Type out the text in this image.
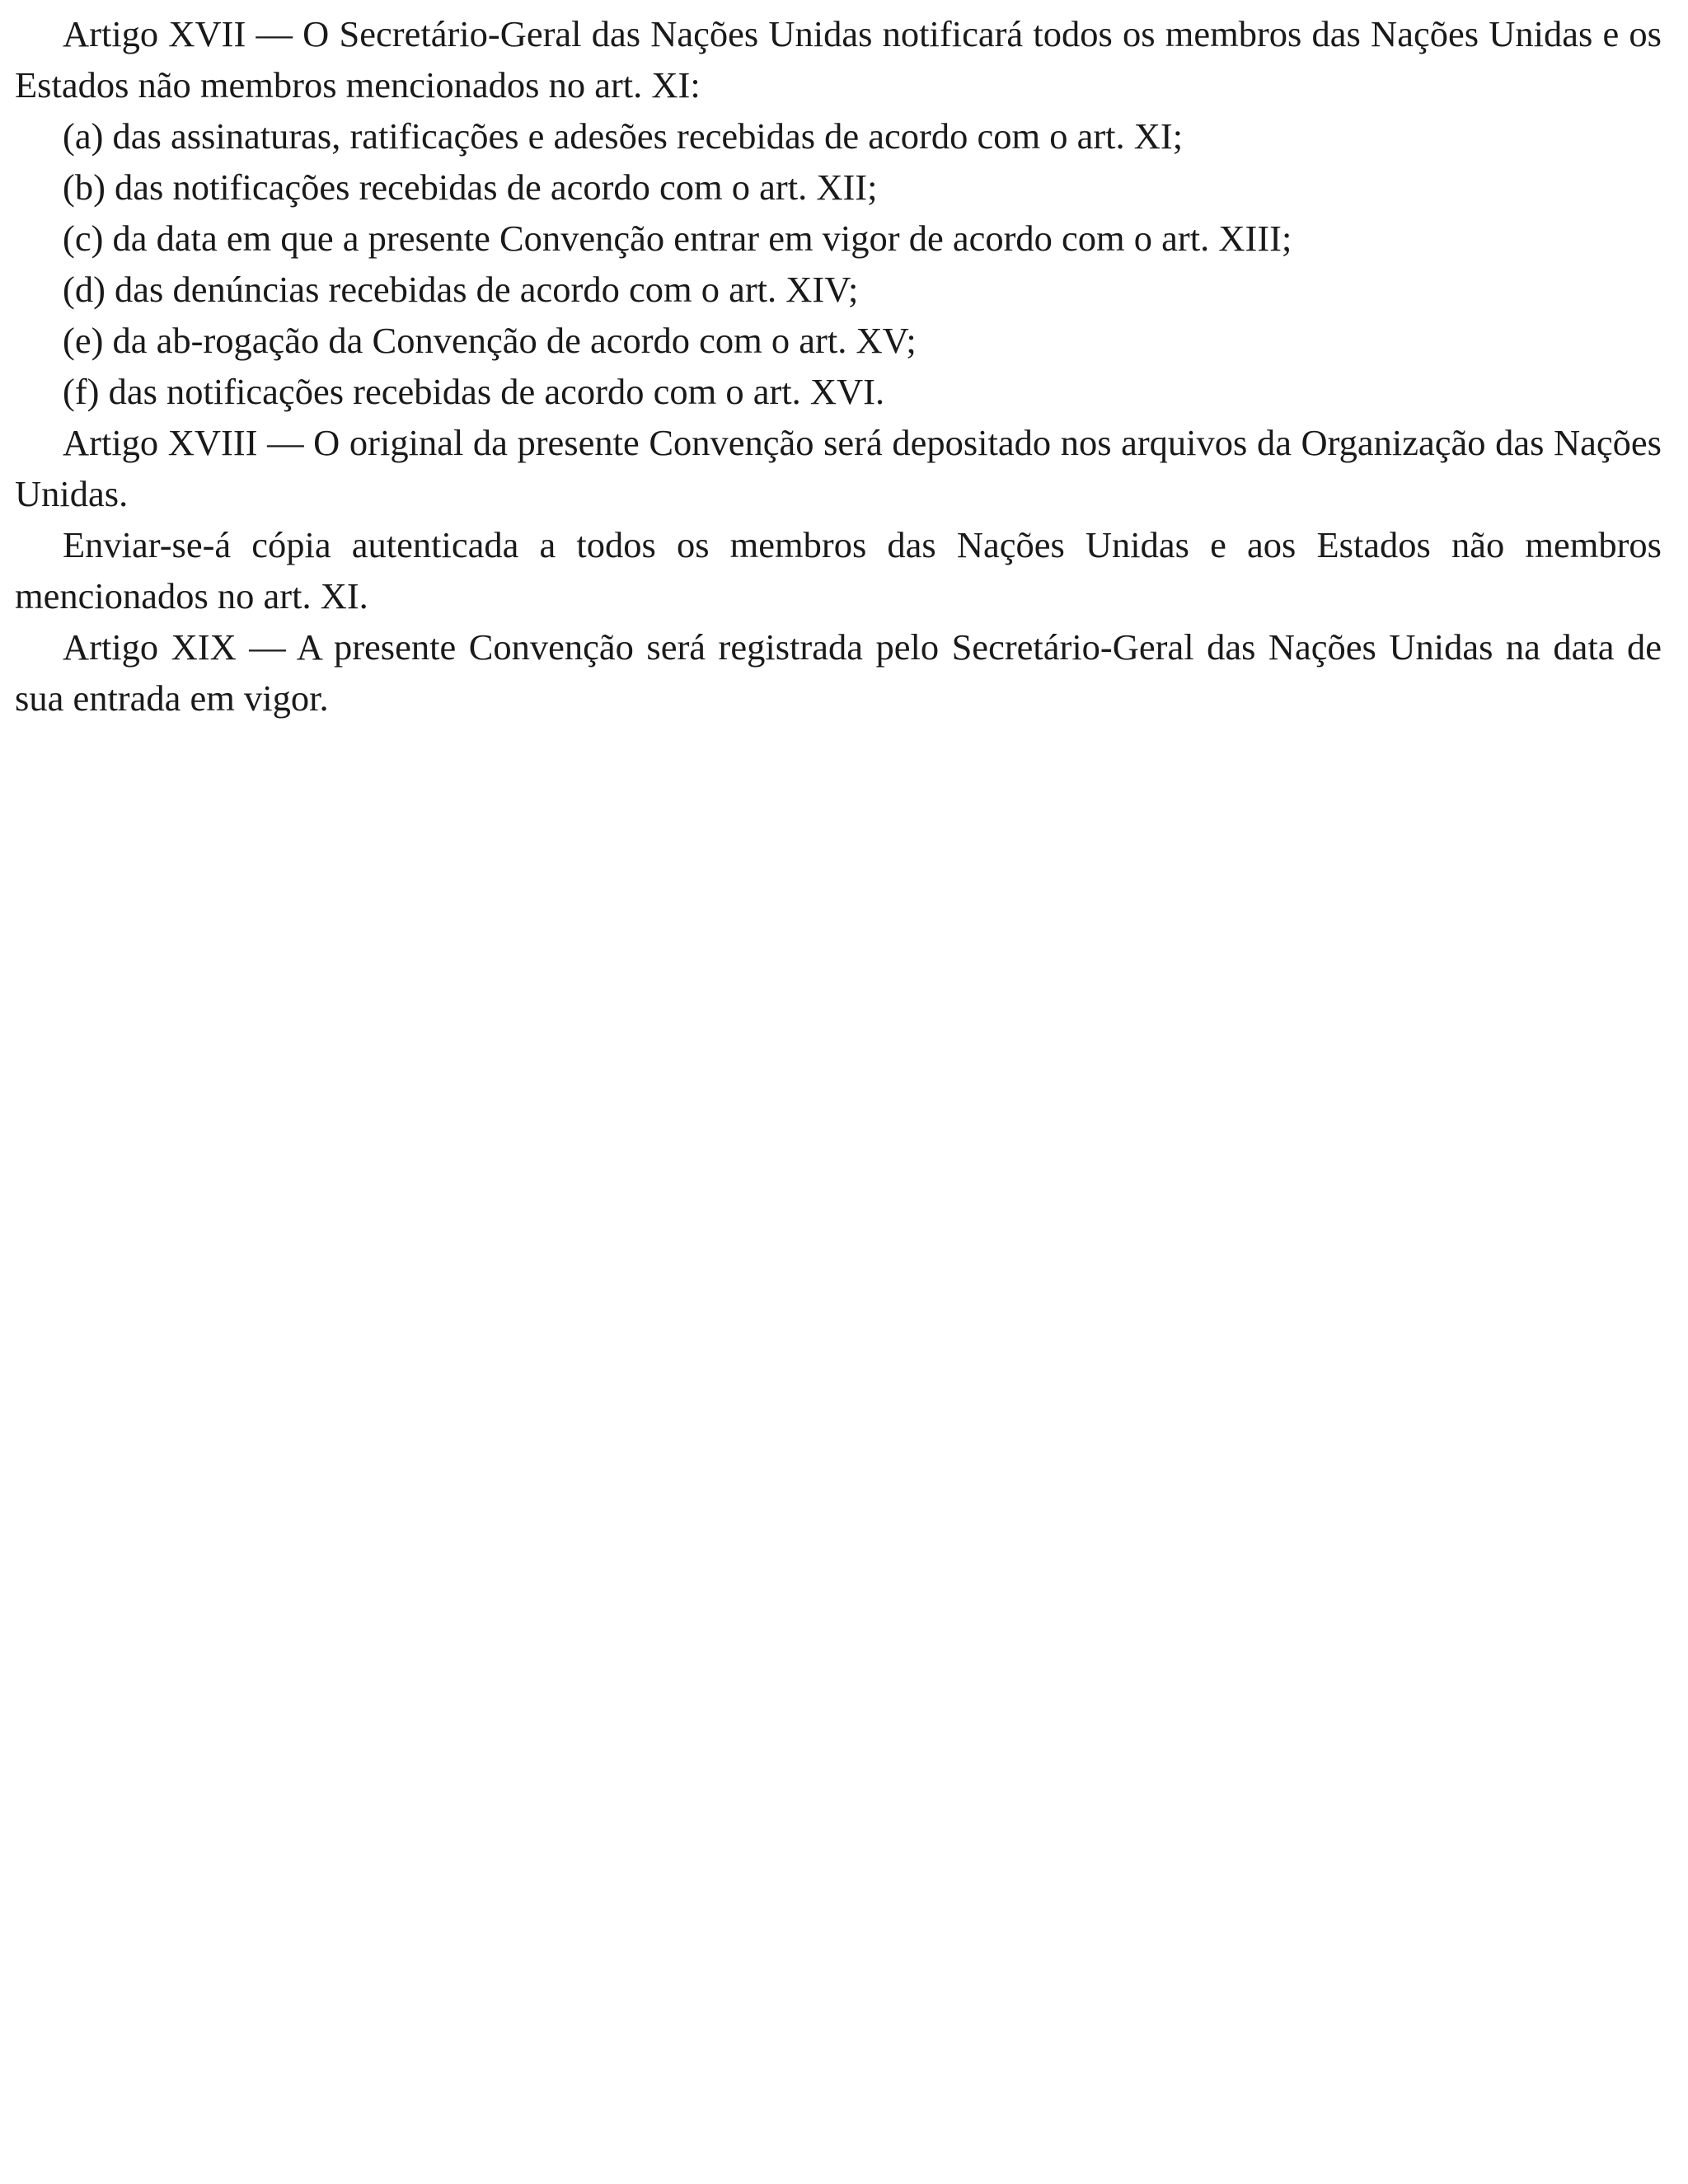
Artigo XVII — O Secretário-Geral das Nações Unidas notificará todos os membros das Nações Unidas e os Estados não membros mencionados no art. XI:

(a) das assinaturas, ratificações e adesões recebidas de acordo com o art. XI;

(b) das notificações recebidas de acordo com o art. XII;

(c) da data em que a presente Convenção entrar em vigor de acordo com o art. XIII;

(d) das denúncias recebidas de acordo com o art. XIV;

(e) da ab-rogação da Convenção de acordo com o art. XV;

(f) das notificações recebidas de acordo com o art. XVI.

Artigo XVIII — O original da presente Convenção será depositado nos arquivos da Organização das Nações Unidas.

Enviar-se-á cópia autenticada a todos os membros das Nações Unidas e aos Estados não membros mencionados no art. XI.

Artigo XIX — A presente Convenção será registrada pelo Secretário-Geral das Nações Unidas na data de sua entrada em vigor.
